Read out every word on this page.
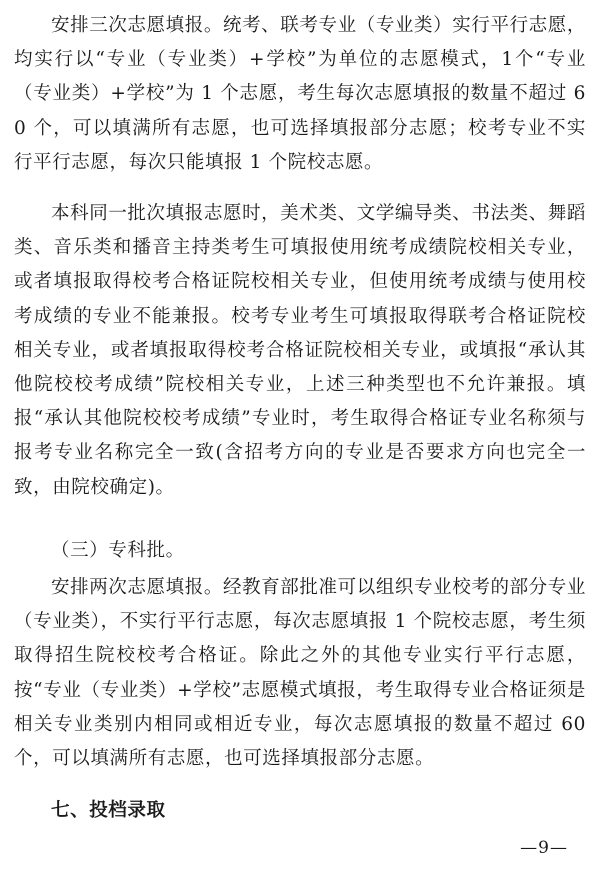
安排三次志愿填报。统考、联考专业（专业类）实行平行志愿，均实行以“专业（专业类）+学校”为单位的志愿模式，1个“专业（专业类）+学校”为 1 个志愿，考生每次志愿填报的数量不超过 60 个，可以填满所有志愿，也可选择填报部分志愿；校考专业不实行平行志愿，每次只能填报 1 个院校志愿。

本科同一批次填报志愿时，美术类、文学编导类、书法类、舞蹈类、音乐类和播音主持类考生可填报使用统考成绩院校相关专业，或者填报取得校考合格证院校相关专业，但使用统考成绩与使用校考成绩的专业不能兼报。校考专业考生可填报取得联考合格证院校相关专业，或者填报取得校考合格证院校相关专业，或填报“承认其他院校校考成绩”院校相关专业，上述三种类型也不允许兼报。填报“承认其他院校校考成绩”专业时，考生取得合格证专业名称须与报考专业名称完全一致(含招考方向的专业是否要求方向也完全一致，由院校确定)。

（三）专科批。

安排两次志愿填报。经教育部批准可以组织专业校考的部分专业（专业类），不实行平行志愿，每次志愿填报 1 个院校志愿，考生须取得招生院校校考合格证。除此之外的其他专业实行平行志愿，按“专业（专业类）+学校”志愿模式填报，考生取得专业合格证须是相关专业类别内相同或相近专业，每次志愿填报的数量不超过 60 个，可以填满所有志愿，也可选择填报部分志愿。

七、投档录取

—9—
